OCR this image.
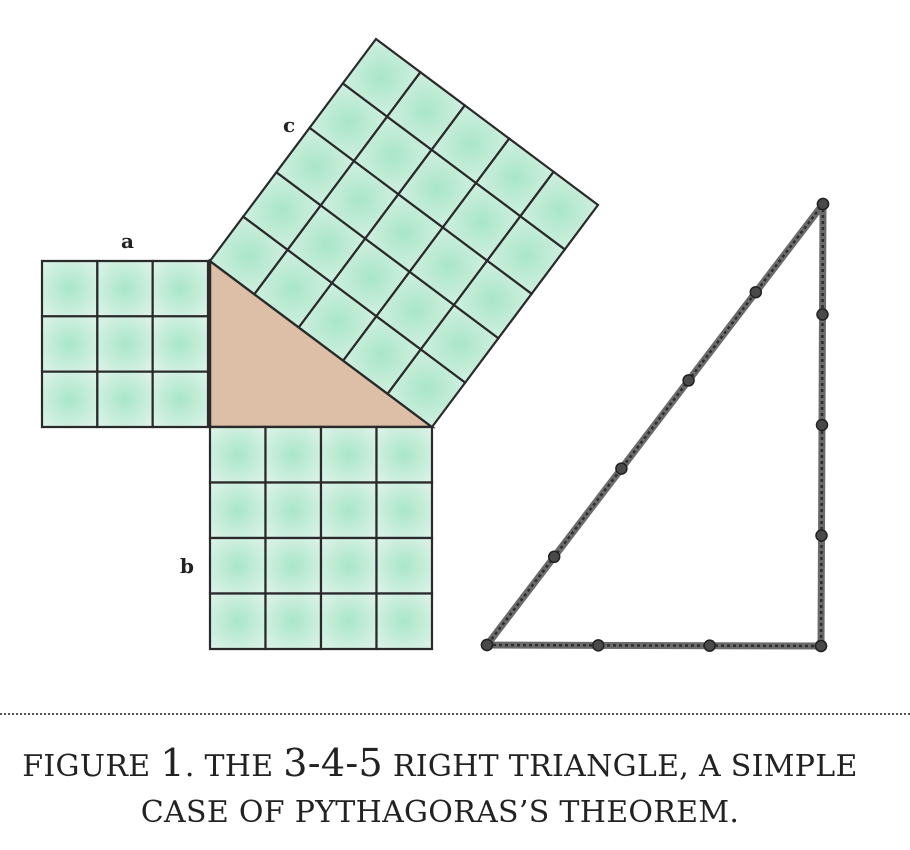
a
b
c
FIGURE 1. THE 3-4-5 RIGHT TRIANGLE, A SIMPLE
CASE OF PYTHAGORAS’S THEOREM.
